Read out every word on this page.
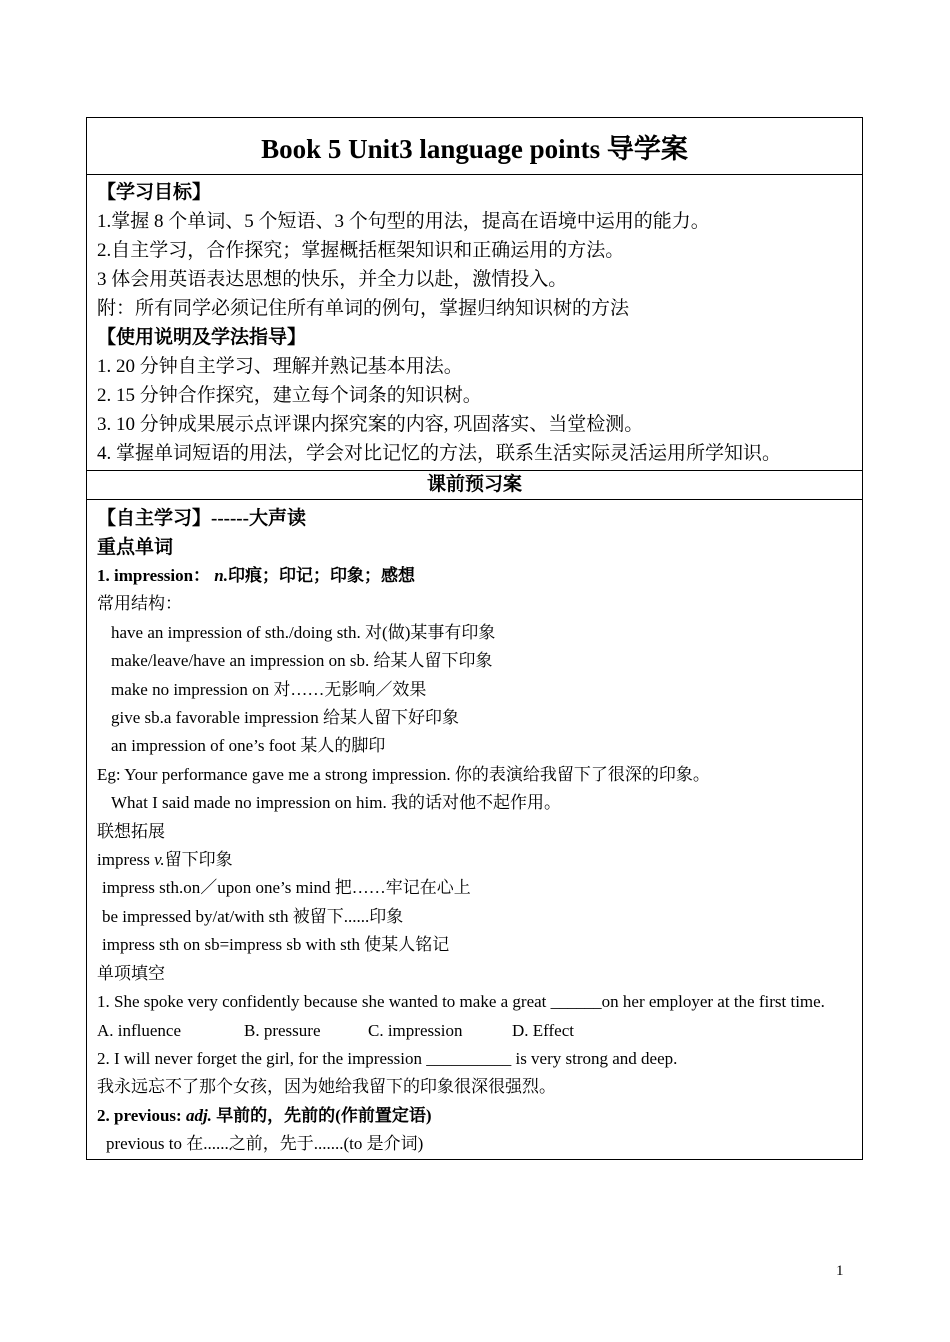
Book 5 Unit3 language points 导学案

【学习目标】
1.掌握 8 个单词、5 个短语、3 个句型的用法，提高在语境中运用的能力。
2.自主学习，合作探究；掌握概括框架知识和正确运用的方法。
3 体会用英语表达思想的快乐，并全力以赴，激情投入。
附：所有同学必须记住所有单词的例句，掌握归纳知识树的方法
【使用说明及学法指导】
1. 20 分钟自主学习、理解并熟记基本用法。
2. 15 分钟合作探究，建立每个词条的知识树。
3. 10 分钟成果展示点评课内探究案的内容, 巩固落实、当堂检测。
4. 掌握单词短语的用法，学会对比记忆的方法，联系生活实际灵活运用所学知识。

课前预习案

【自主学习】------大声读
重点单词
1. impression： n.印痕；印记；印象；感想
常用结构：
have an impression of sth./doing sth. 对(做)某事有印象
make/leave/have an impression on sb. 给某人留下印象
make no impression on 对……无影响／效果
give sb.a favorable impression 给某人留下好印象
an impression of one’s foot 某人的脚印
Eg: Your performance gave me a strong impression. 你的表演给我留下了很深的印象。
What I said made no impression on him. 我的话对他不起作用。
联想拓展
impress v.留下印象
impress sth.on／upon one’s mind 把……牢记在心上
be impressed by/at/with sth 被留下......印象
impress sth on sb=impress sb with sth 使某人铭记
单项填空
1. She spoke very confidently because she wanted to make a great ______on her employer at the first time.
A. influence	B. pressure	C. impression	D. Effect
2. I will never forget the girl, for the impression __________ is very strong and deep.
我永远忘不了那个女孩，因为她给我留下的印象很深很强烈。
2. previous: adj. 早前的，先前的(作前置定语)
previous to 在......之前，先于.......(to 是介词)
1
